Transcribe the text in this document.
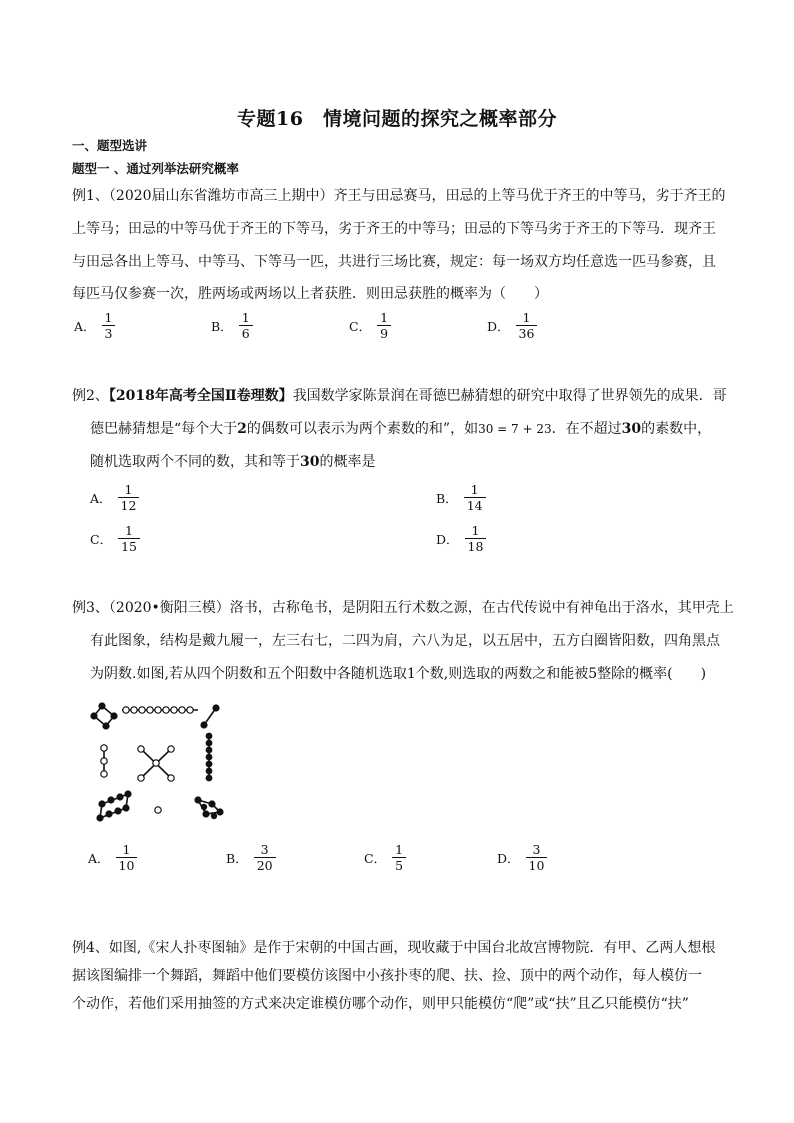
专题16　情境问题的探究之概率部分
一、题型选讲
题型一 、通过列举法研究概率
例1、（2020届山东省潍坊市高三上期中）齐王与田忌赛马，田忌的上等马优于齐王的中等马，劣于齐王的
上等马；田忌的中等马优于齐王的下等马，劣于齐王的中等马；田忌的下等马劣于齐王的下等马．现齐王
与田忌各出上等马、中等马、下等马一匹，共进行三场比赛，规定：每一场双方均任意选一匹马参赛，且
每匹马仅参赛一次，胜两场或两场以上者获胜．则田忌获胜的概率为（　　）
A． $\frac{1}{3}$	B． $\frac{1}{6}$	C． $\frac{1}{9}$	D． $\frac{1}{36}$
例2、【2018年高考全国Ⅱ卷理数】我国数学家陈景润在哥德巴赫猜想的研究中取得了世界领先的成果．哥
德巴赫猜想是“每个大于2的偶数可以表示为两个素数的和”，如30 = 7 + 23．在不超过30的素数中，
随机选取两个不同的数，其和等于30的概率是
A． $\frac{1}{12}$	B． $\frac{1}{14}$
C． $\frac{1}{15}$	D． $\frac{1}{18}$
例3、（2020•衡阳三模）洛书，古称龟书，是阴阳五行术数之源，在古代传说中有神龟出于洛水，其甲壳上
有此图象，结构是戴九履一，左三右七，二四为肩，六八为足，以五居中，五方白圈皆阳数，四角黑点
为阴数.如图,若从四个阴数和五个阳数中各随机选取1个数,则选取的两数之和能被5整除的概率(　　)
A． $\frac{1}{10}$	B． $\frac{3}{20}$	C． $\frac{1}{5}$	D． $\frac{3}{10}$
例4、如图,《宋人扑枣图轴》是作于宋朝的中国古画，现收藏于中国台北故宫博物院．有甲、乙两人想根
据该图编排一个舞蹈，舞蹈中他们要模仿该图中小孩扑枣的爬、扶、捡、顶中的两个动作，每人模仿一
个动作，若他们采用抽签的方式来决定谁模仿哪个动作，则甲只能模仿“爬”或“扶”且乙只能模仿“扶”
